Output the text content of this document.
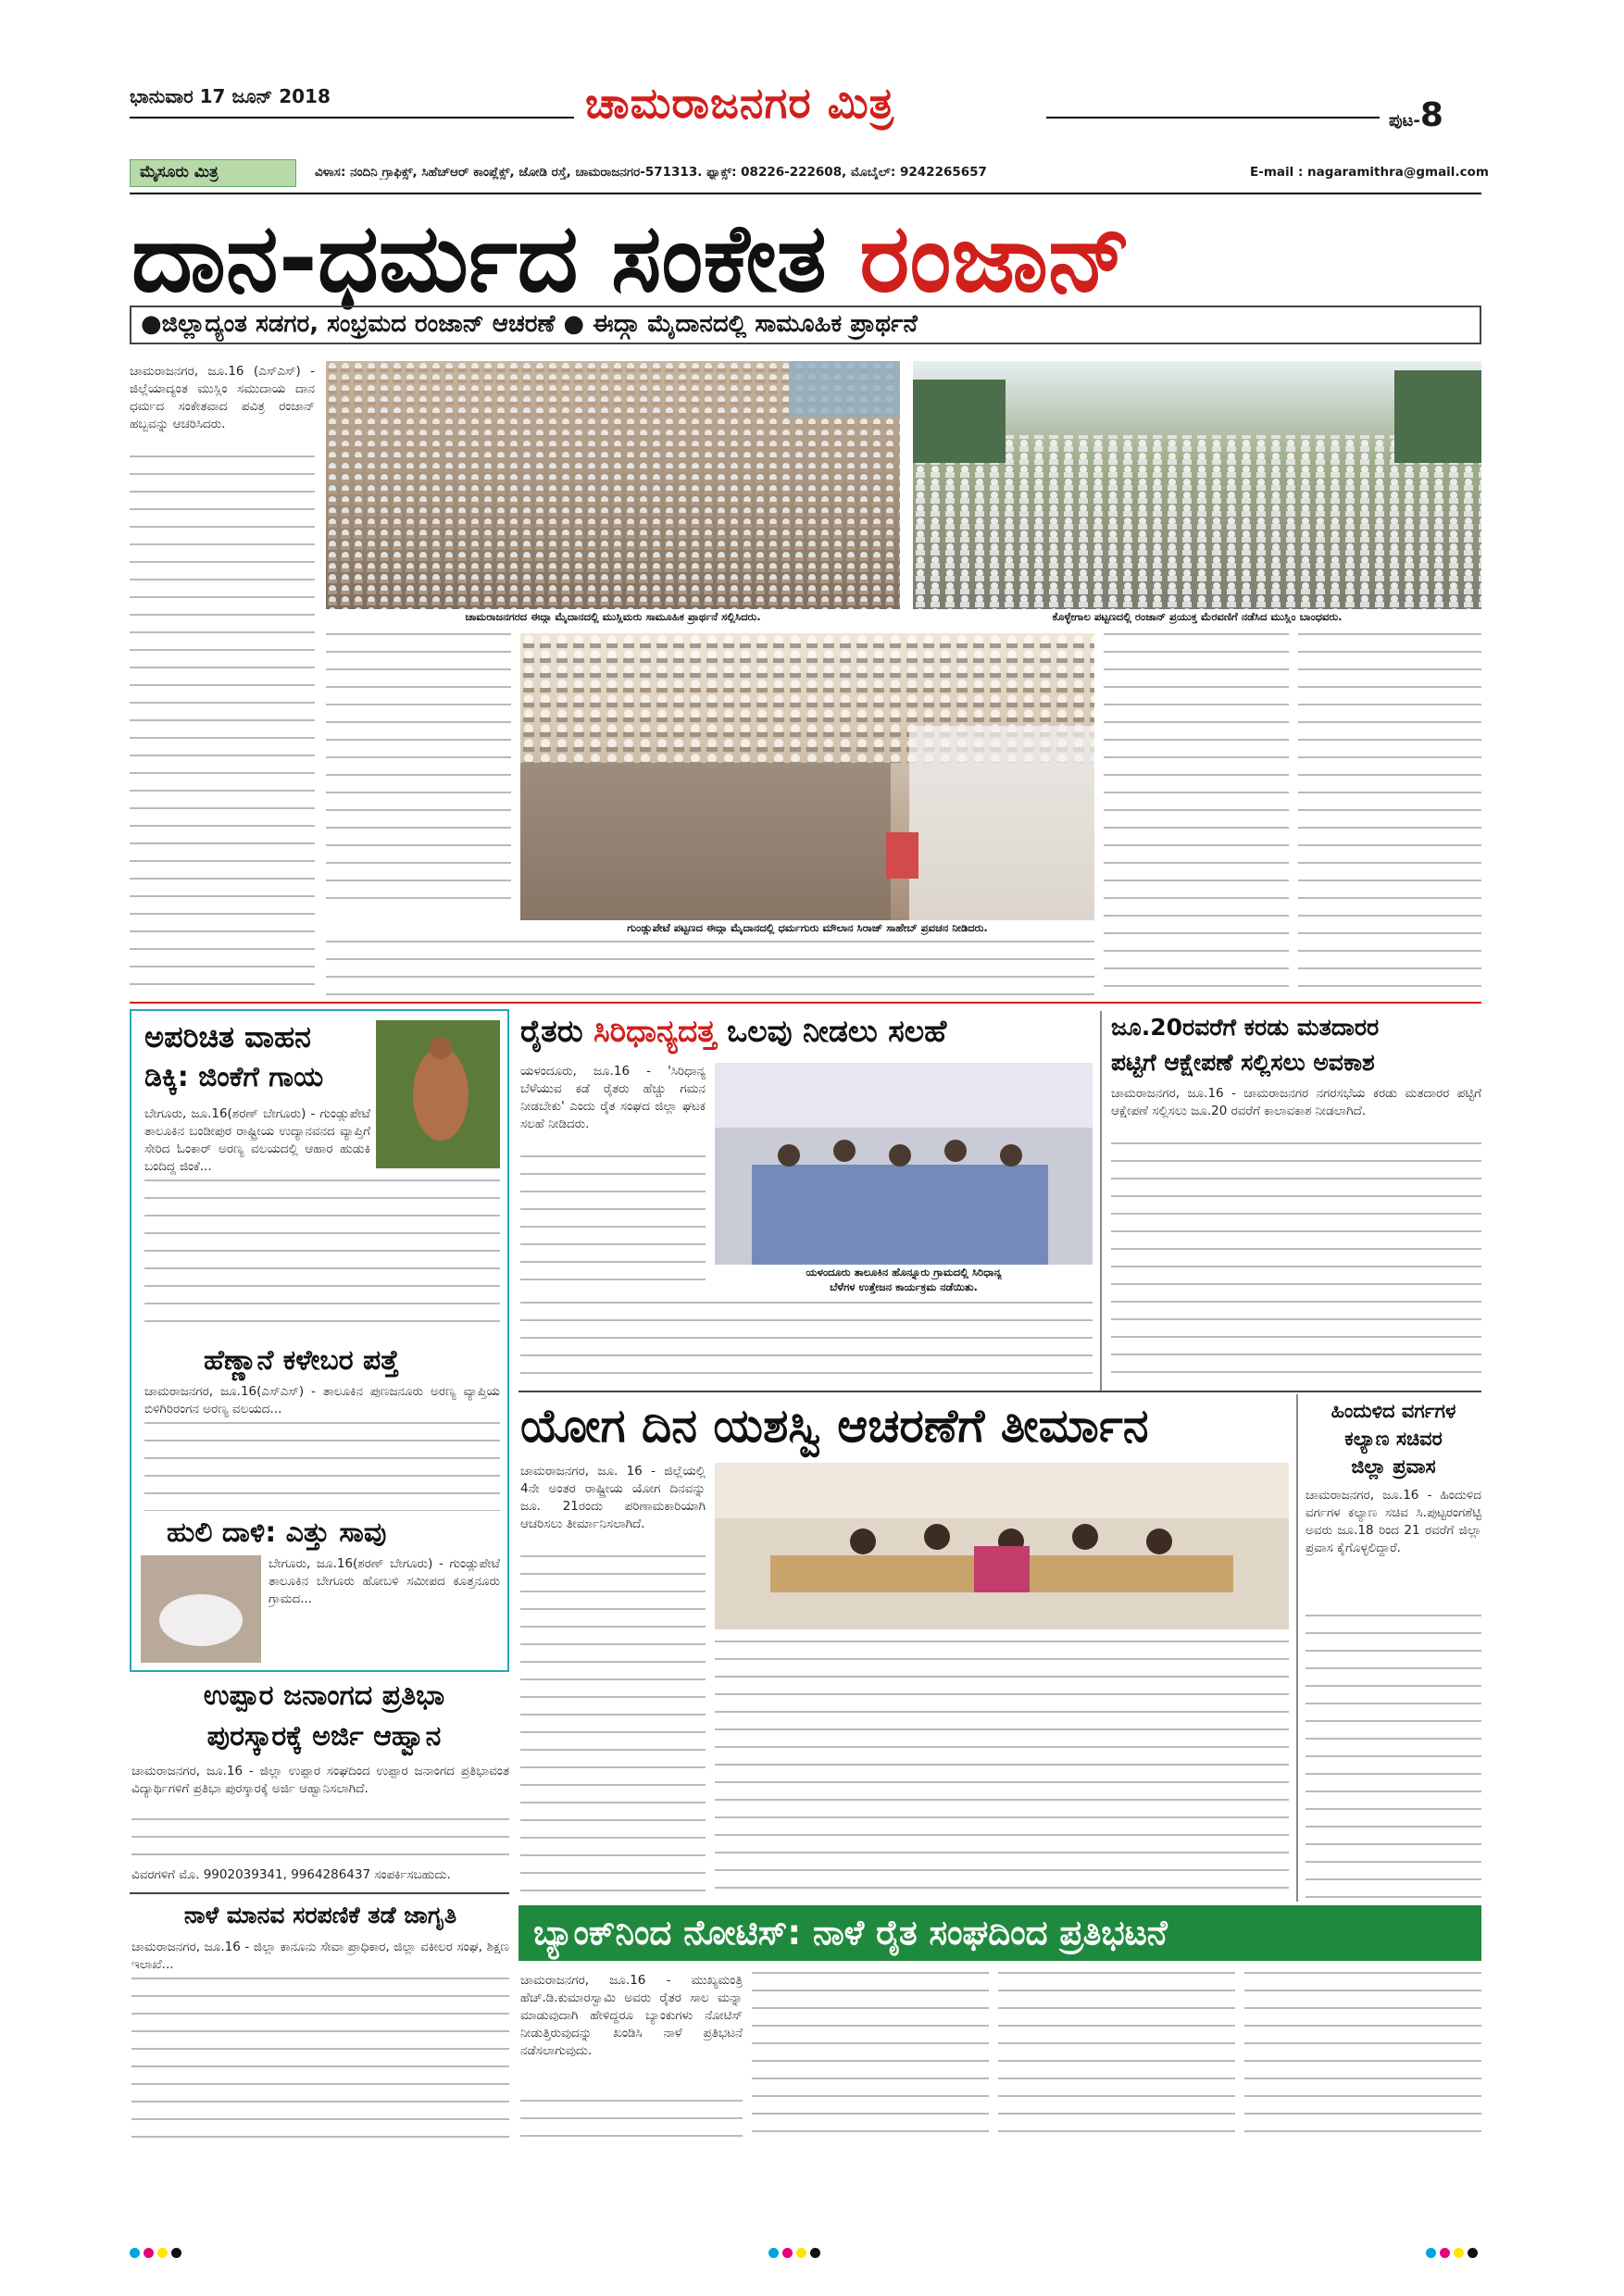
ಭಾನುವಾರ 17 ಜೂನ್ 2018	ಚಾಮರಾಜನಗರ ಮಿತ್ರ	ಪುಟ-8
ಮೈಸೂರು ಮಿತ್ರ	ವಿಳಾಸ: ನಂದಿನಿ ಗ್ರಾಫಿಕ್ಸ್, ಸಿಹೆಚ್ಆರ್ ಕಾಂಪ್ಲೆಕ್ಸ್, ಜೋಡಿ ರಸ್ತೆ, ಚಾಮರಾಜನಗರ-571313. ಫ್ಯಾಕ್ಸ್: 08226-222608, ಮೊಬೈಲ್: 9242265657	E-mail : nagaramithra@gmail.com
ದಾನ-ಧರ್ಮದ ಸಂಕೇತ ರಂಜಾನ್
●ಜಿಲ್ಲಾದ್ಯಂತ ಸಡಗರ, ಸಂಭ್ರಮದ ರಂಜಾನ್ ಆಚರಣೆ ● ಈದ್ಗಾ ಮೈದಾನದಲ್ಲಿ ಸಾಮೂಹಿಕ ಪ್ರಾರ್ಥನೆ
ಚಾಮರಾಜನಗರ, ಜೂ.16 (ಎಸ್‌ಎಸ್) - ಜಿಲ್ಲೆಯಾದ್ಯಂತ ಮುಸ್ಲಿಂ ಸಮುದಾಯ ದಾನ ಧರ್ಮದ ಸಂಕೇತವಾದ ಪವಿತ್ರ ರಂಜಾನ್ ಹಬ್ಬವನ್ನು ಆಚರಿಸಿದರು.
ಚಾಮರಾಜನಗರದ ಈದ್ಗಾ ಮೈದಾನದಲ್ಲಿ ಮುಸ್ಲಿಮರು ಸಾಮೂಹಿಕ ಪ್ರಾರ್ಥನೆ ಸಲ್ಲಿಸಿದರು.	ಕೊಳ್ಳೇಗಾಲ ಪಟ್ಟಣದಲ್ಲಿ ರಂಜಾನ್ ಪ್ರಯುಕ್ತ ಮೆರವಣಿಗೆ ನಡೆಸಿದ ಮುಸ್ಲಿಂ ಬಾಂಧವರು.
ಗುಂಡ್ಲುಪೇಟೆ ಪಟ್ಟಣದ ಈದ್ಗಾ ಮೈದಾನದಲ್ಲಿ ಧರ್ಮಗುರು ಮೌಲಾನ ಸಿರಾಜ್ ಸಾಹೇಬ್ ಪ್ರವಚನ ನೀಡಿದರು.
ಅಪರಿಚಿತ ವಾಹನ
ಡಿಕ್ಕಿ: ಜಿಂಕೆಗೆ ಗಾಯ
ಬೇಗೂರು, ಜೂ.16(ಶರಣ್ ಬೇಗೂರು) - ಗುಂಡ್ಲುಪೇಟೆ ತಾಲೂಕಿನ ಬಂಡೀಪುರ ರಾಷ್ಟ್ರೀಯ ಉದ್ಯಾನವನದ ವ್ಯಾಪ್ತಿಗೆ ಸೇರಿದ ಓಂಕಾರ್ ಅರಣ್ಯ ವಲಯದಲ್ಲಿ ಆಹಾರ ಹುಡುಕಿ ಬಂದಿದ್ದ ಜಿಂಕೆ...
ಹೆಣ್ಣಾನೆ ಕಳೇಬರ ಪತ್ತೆ
ಚಾಮರಾಜನಗರ, ಜೂ.16(ಎಸ್‌ಎಸ್) - ತಾಲೂಕಿನ ಪುಣಜನೂರು ಅರಣ್ಯ ವ್ಯಾಪ್ತಿಯ ಬಿಳಿಗಿರಿರಂಗನ ಅರಣ್ಯ ವಲಯದ...
ಹುಲಿ ದಾಳಿ: ಎತ್ತು ಸಾವು
ಬೇಗೂರು, ಜೂ.16(ಶರಣ್ ಬೇಗೂರು) - ಗುಂಡ್ಲುಪೇಟೆ ತಾಲೂಕಿನ ಬೇಗೂರು ಹೋಬಳಿ ಸಮೀಪದ ಕೂತ್ತನೂರು ಗ್ರಾಮದ...
ರೈತರು ಸಿರಿಧಾನ್ಯದತ್ತ ಒಲವು ನೀಡಲು ಸಲಹೆ
ಯಳಂದೂರು, ಜೂ.16 - 'ಸಿರಿಧಾನ್ಯ ಬೆಳೆಯುವ ಕಡೆ ರೈತರು ಹೆಚ್ಚು ಗಮನ ನೀಡಬೇಕು' ಎಂದು ರೈತ ಸಂಘದ ಜಿಲ್ಲಾ ಘಟಕ ಸಲಹೆ ನೀಡಿದರು.
ಯಳಂದೂರು ತಾಲೂಕಿನ ಹೊನ್ನೂರು ಗ್ರಾಮದಲ್ಲಿ ಸಿರಿಧಾನ್ಯ
ಬೆಳೆಗಳ ಉತ್ತೇಜನ ಕಾರ್ಯಕ್ರಮ ನಡೆಯಿತು.
ಜೂ.20ರವರೆಗೆ ಕರಡು ಮತದಾರರ
ಪಟ್ಟಿಗೆ ಆಕ್ಷೇಪಣೆ ಸಲ್ಲಿಸಲು ಅವಕಾಶ
ಚಾಮರಾಜನಗರ, ಜೂ.16 - ಚಾಮರಾಜನಗರ ನಗರಸಭೆಯ ಕರಡು ಮತದಾರರ ಪಟ್ಟಿಗೆ ಆಕ್ಷೇಪಣೆ ಸಲ್ಲಿಸಲು ಜೂ.20 ರವರೆಗೆ ಕಾಲಾವಕಾಶ ನೀಡಲಾಗಿದೆ.
ಯೋಗ ದಿನ ಯಶಸ್ವಿ ಆಚರಣೆಗೆ ತೀರ್ಮಾನ
ಚಾಮರಾಜನಗರ, ಜೂ. 16 - ಜಿಲ್ಲೆಯಲ್ಲಿ 4ನೇ ಅಂತರ ರಾಷ್ಟ್ರೀಯ ಯೋಗ ದಿನವನ್ನು ಜೂ. 21ರಂದು ಪರಿಣಾಮಕಾರಿಯಾಗಿ ಆಚರಿಸಲು ತೀರ್ಮಾನಿಸಲಾಗಿದೆ.
ಹಿಂದುಳಿದ ವರ್ಗಗಳ
ಕಲ್ಯಾಣ ಸಚಿವರ
ಜಿಲ್ಲಾ ಪ್ರವಾಸ
ಚಾಮರಾಜನಗರ, ಜೂ.16 - ಹಿಂದುಳಿದ ವರ್ಗಗಳ ಕಲ್ಯಾಣ ಸಚಿವ ಸಿ.ಪುಟ್ಟರಂಗಶೆಟ್ಟಿ ಅವರು ಜೂ.18 ರಿಂದ 21 ರವರೆಗೆ ಜಿಲ್ಲಾ ಪ್ರವಾಸ ಕೈಗೊಳ್ಳಲಿದ್ದಾರೆ.
ಉಪ್ಪಾರ ಜನಾಂಗದ ಪ್ರತಿಭಾ
ಪುರಸ್ಕಾರಕ್ಕೆ ಅರ್ಜಿ ಆಹ್ವಾನ
ಚಾಮರಾಜನಗರ, ಜೂ.16 - ಜಿಲ್ಲಾ ಉಪ್ಪಾರ ಸಂಘದಿಂದ ಉಪ್ಪಾರ ಜನಾಂಗದ ಪ್ರತಿಭಾವಂತ ವಿದ್ಯಾರ್ಥಿಗಳಿಗೆ ಪ್ರತಿಭಾ ಪುರಸ್ಕಾರಕ್ಕೆ ಅರ್ಜಿ ಆಹ್ವಾನಿಸಲಾಗಿದೆ.
ವಿವರಗಳಿಗೆ ಮೊ. 9902039341, 9964286437 ಸಂಪರ್ಕಿಸಬಹುದು.
ನಾಳೆ ಮಾನವ ಸರಪಣಿಕೆ ತಡೆ ಜಾಗೃತಿ
ಚಾಮರಾಜನಗರ, ಜೂ.16 - ಜಿಲ್ಲಾ ಕಾನೂನು ಸೇವಾ ಪ್ರಾಧಿಕಾರ, ಜಿಲ್ಲಾ ವಕೀಲರ ಸಂಘ, ಶಿಕ್ಷಣ ಇಲಾಖೆ...
ಬ್ಯಾಂಕ್‌ನಿಂದ ನೋಟಿಸ್: ನಾಳೆ ರೈತ ಸಂಘದಿಂದ ಪ್ರತಿಭಟನೆ
ಚಾಮರಾಜನಗರ, ಜೂ.16 - ಮುಖ್ಯಮಂತ್ರಿ ಹೆಚ್.ಡಿ.ಕುಮಾರಸ್ವಾಮಿ ಅವರು ರೈತರ ಸಾಲ ಮನ್ನಾ ಮಾಡುವುದಾಗಿ ಹೇಳಿದ್ದರೂ ಬ್ಯಾಂಕುಗಳು ನೋಟಿಸ್ ನೀಡುತ್ತಿರುವುದನ್ನು ಖಂಡಿಸಿ ನಾಳೆ ಪ್ರತಿಭಟನೆ ನಡೆಸಲಾಗುವುದು.
